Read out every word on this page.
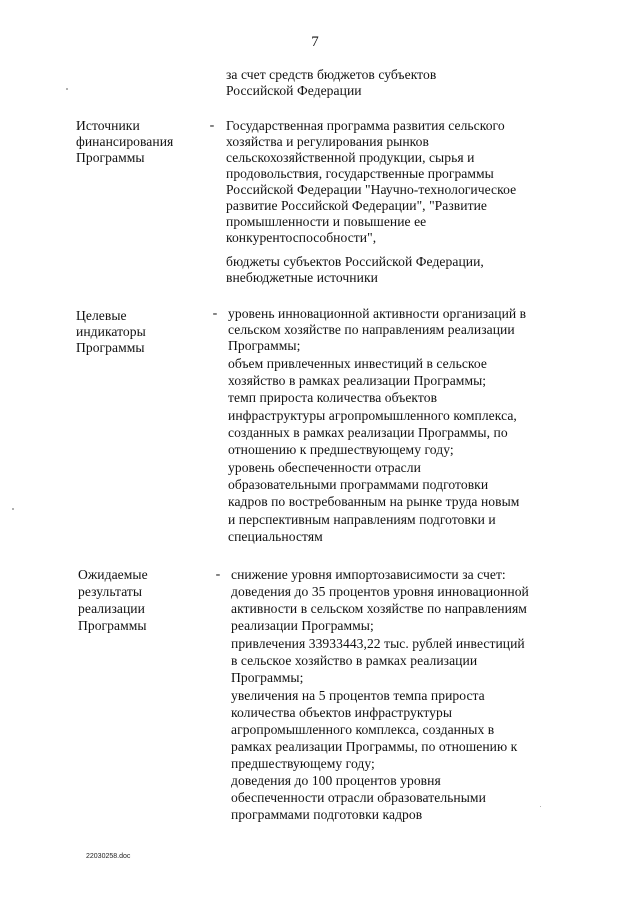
7
за счет средств бюджетов субъектов
Российской Федерации
Источники
финансирования
Программы
- Государственная программа развития сельского
хозяйства и регулирования рынков
сельскохозяйственной продукции, сырья и
продовольствия, государственные программы
Российской Федерации "Научно-технологическое
развитие Российской Федерации", "Развитие
промышленности и повышение ее
конкурентоспособности",
бюджеты субъектов Российской Федерации,
внебюджетные источники
Целевые
индикаторы
Программы
- уровень инновационной активности организаций в
сельском хозяйстве по направлениям реализации
Программы;
объем привлеченных инвестиций в сельское
хозяйство в рамках реализации Программы;
темп прироста количества объектов
инфраструктуры агропромышленного комплекса,
созданных в рамках реализации Программы, по
отношению к предшествующему году;
уровень обеспеченности отрасли
образовательными программами подготовки
кадров по востребованным на рынке труда новым
и перспективным направлениям подготовки и
специальностям
Ожидаемые
результаты
реализации
Программы
- снижение уровня импортозависимости за счет:
доведения до 35 процентов уровня инновационной
активности в сельском хозяйстве по направлениям
реализации Программы;
привлечения 33933443,22 тыс. рублей инвестиций
в сельское хозяйство в рамках реализации
Программы;
увеличения на 5 процентов темпа прироста
количества объектов инфраструктуры
агропромышленного комплекса, созданных в
рамках реализации Программы, по отношению к
предшествующему году;
доведения до 100 процентов уровня
обеспеченности отрасли образовательными
программами подготовки кадров
22030258.doc
